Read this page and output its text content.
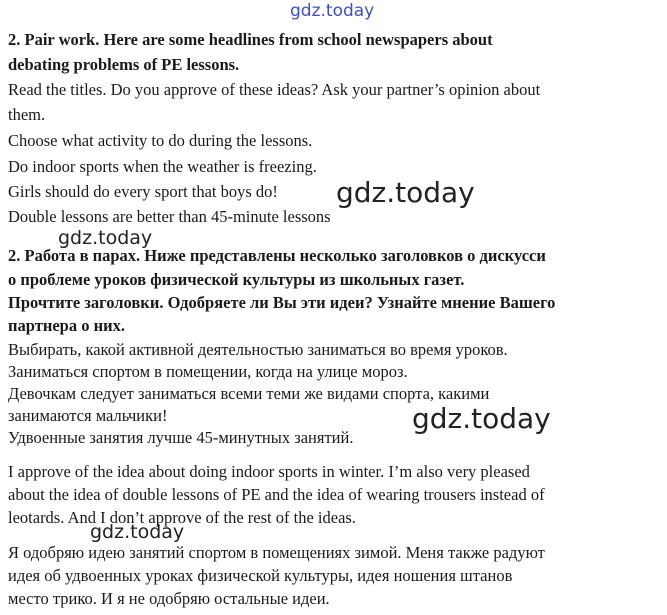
gdz.today
2. Pair work. Here are some headlines from school newspapers about
debating problems of PE lessons.
Read the titles. Do you approve of these ideas? Ask your partner’s opinion about
them.
Choose what activity to do during the lessons.
Do indoor sports when the weather is freezing.
Girls should do every sport that boys do!
Double lessons are better than 45-minute lessons
2. Работа в парах. Ниже представлены несколько заголовков о дискусси
о проблеме уроков физической культуры из школьных газет.
Прочтите заголовки. Одобряете ли Вы эти идеи? Узнайте мнение Вашего
партнера о них.
Выбирать, какой активной деятельностью заниматься во время уроков.
Заниматься спортом в помещении, когда на улице мороз.
Девочкам следует заниматься всеми теми же видами спорта, какими
занимаются мальчики!
Удвоенные занятия лучше 45-минутных занятий.
I approve of the idea about doing indoor sports in winter. I’m also very pleased
about the idea of double lessons of PE and the idea of wearing trousers instead of
leotards. And I don’t approve of the rest of the ideas.
Я одобряю идею занятий спортом в помещениях зимой. Меня также радуют
идея об удвоенных уроках физической культуры, идея ношения штанов
место трико. И я не одобряю остальные идеи.
gdz.today
gdz.today
gdz.today
gdz.today
